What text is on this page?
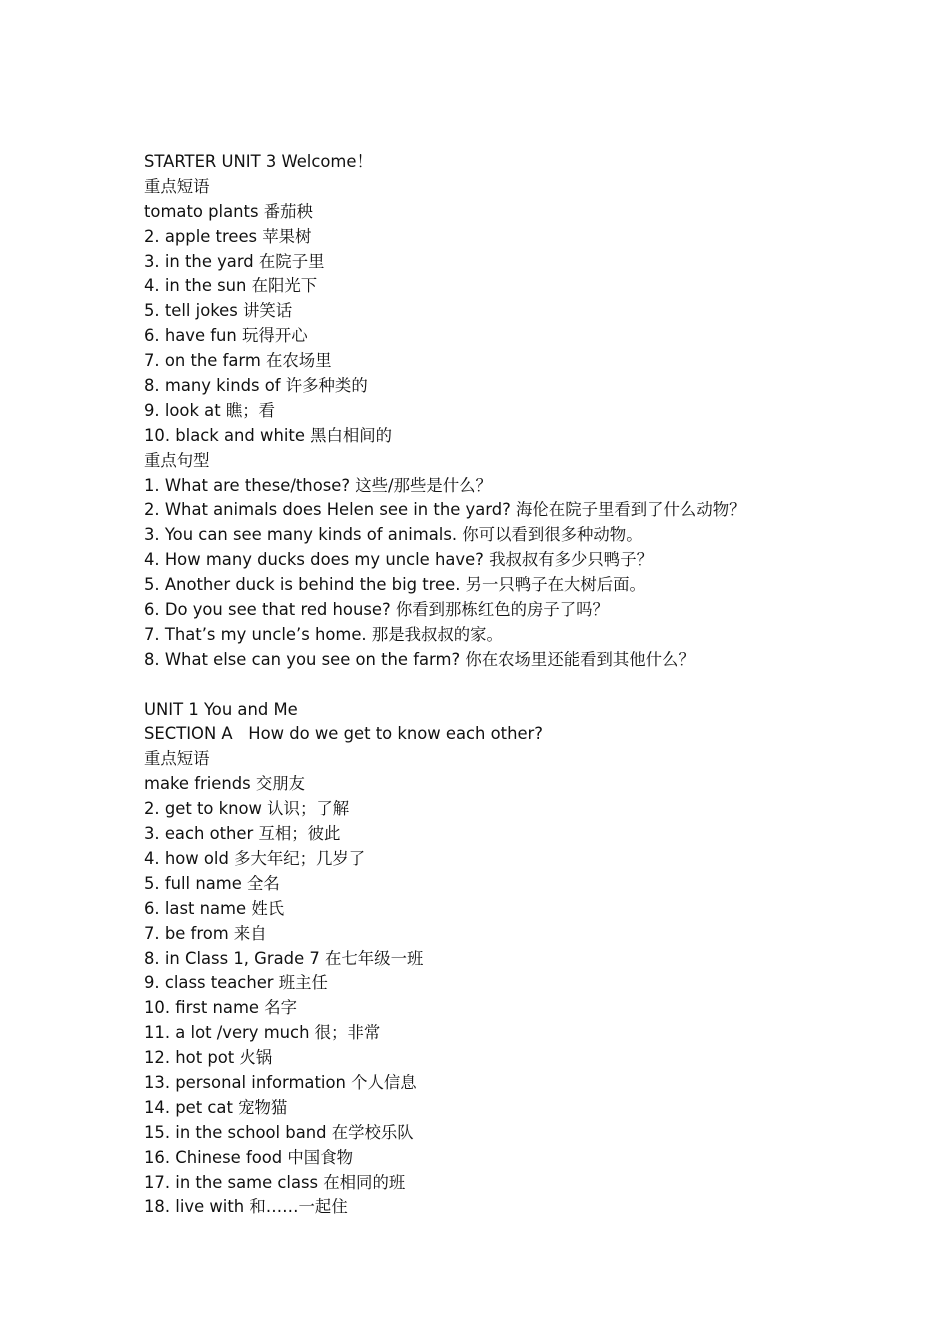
STARTER UNIT 3 Welcome！
重点短语
tomato plants 番茄秧
2. apple trees 苹果树
3. in the yard 在院子里
4. in the sun 在阳光下
5. tell jokes 讲笑话
6. have fun 玩得开心
7. on the farm 在农场里
8. many kinds of 许多种类的
9. look at 瞧；看
10. black and white 黑白相间的
重点句型
1. What are these/those? 这些/那些是什么？
2. What animals does Helen see in the yard? 海伦在院子里看到了什么动物？
3. You can see many kinds of animals. 你可以看到很多种动物。
4. How many ducks does my uncle have? 我叔叔有多少只鸭子？
5. Another duck is behind the big tree. 另一只鸭子在大树后面。
6. Do you see that red house? 你看到那栋红色的房子了吗？
7. That’s my uncle’s home. 那是我叔叔的家。
8. What else can you see on the farm? 你在农场里还能看到其他什么？
UNIT 1 You and Me
SECTION A   How do we get to know each other?
重点短语
make friends 交朋友
2. get to know 认识；了解
3. each other 互相；彼此
4. how old 多大年纪；几岁了
5. full name 全名
6. last name 姓氏
7. be from 来自
8. in Class 1, Grade 7 在七年级一班
9. class teacher 班主任
10. first name 名字
11. a lot /very much 很；非常
12. hot pot 火锅
13. personal information 个人信息
14. pet cat 宠物猫
15. in the school band 在学校乐队
16. Chinese food 中国食物
17. in the same class 在相同的班
18. live with 和……一起住
